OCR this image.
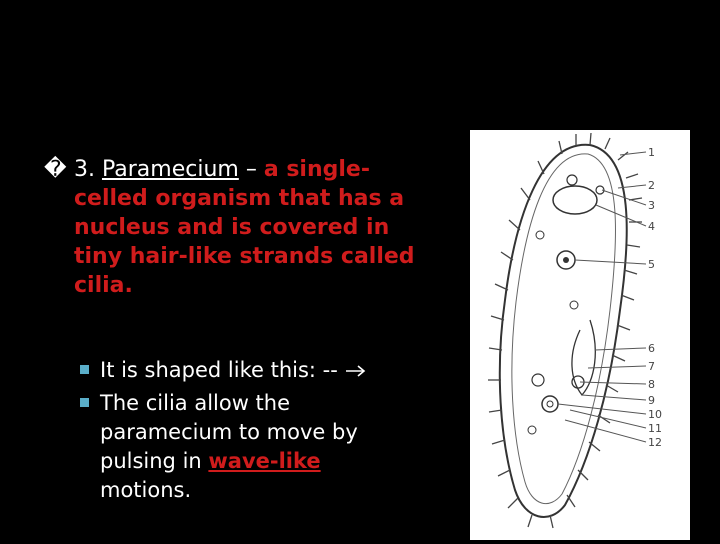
� 3. Paramecium – a single-
celled organism that has a nucleus and is covered in tiny hair-like strands called cilia.
It is shaped like this: --
The cilia allow the paramecium to move by pulsing in wave-like motions.
1
2
3
4
5
6
7
8
9
10
11
12
